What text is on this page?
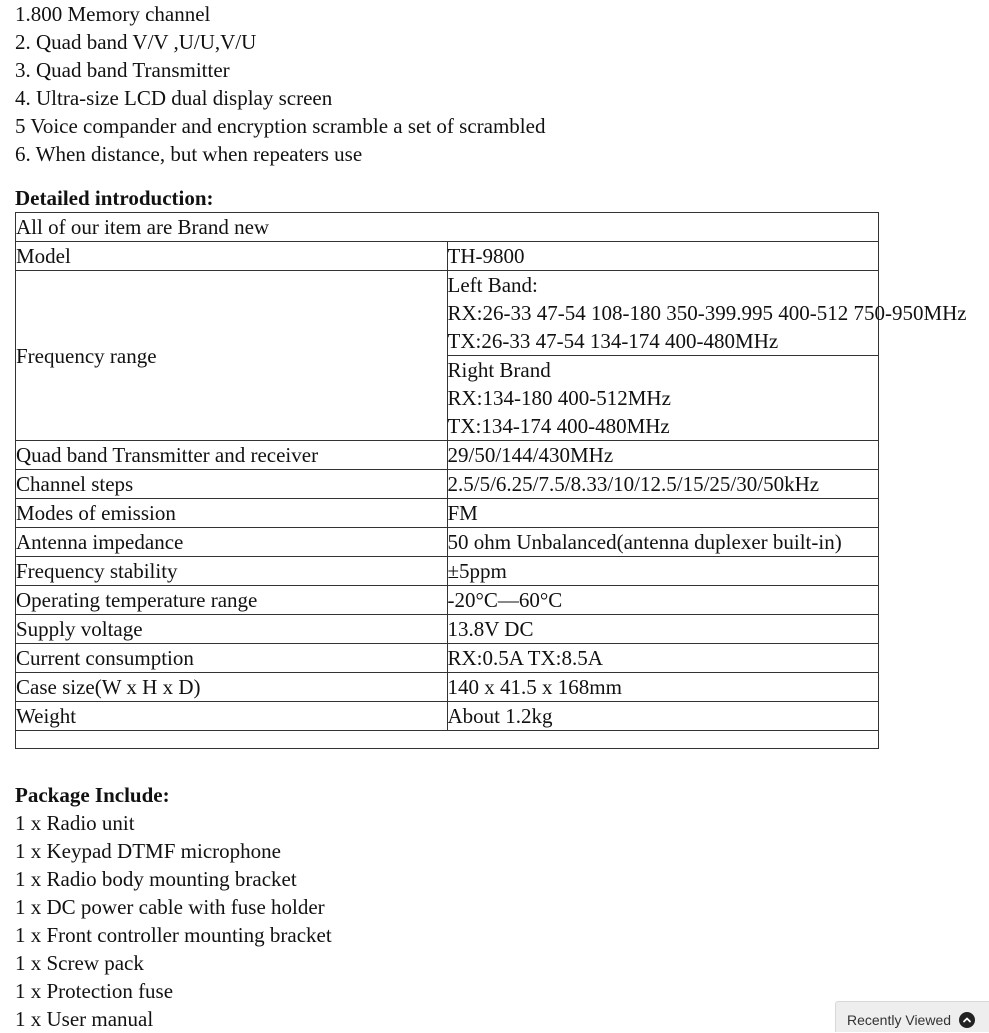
1.800 Memory channel
2. Quad band V/V ,U/U,V/U
3. Quad band Transmitter
4. Ultra-size LCD dual display screen
5 Voice compander and encryption scramble a set of scrambled
6. When distance, but when repeaters use
Detailed introduction:
All of our item are Brand new	
Model	TH-9800
Frequency range	Left Band:
RX:26-33 47-54 108-180 350-399.995 400-512 750-950MHz
TX:26-33 47-54 134-174 400-480MHz

	Right Brand
RX:134-180 400-512MHz
TX:134-174 400-480MHz

Quad band Transmitter and receiver	29/50/144/430MHz
Channel steps	2.5/5/6.25/7.5/8.33/10/12.5/15/25/30/50kHz
Modes of emission	FM
Antenna impedance	50 ohm Unbalanced(antenna duplexer built-in)
Frequency stability	±5ppm
Operating temperature range	-20°C—60°C
Supply voltage	13.8V DC
Current consumption	RX:0.5A TX:8.5A
Case size(W x H x D)	140 x 41.5 x 168mm
Weight	About 1.2kg

Package Include:
1 x Radio unit
1 x Keypad DTMF microphone
1 x Radio body mounting bracket
1 x DC power cable with fuse holder
1 x Front controller mounting bracket
1 x Screw pack
1 x Protection fuse
1 x User manual	Recently Viewed
